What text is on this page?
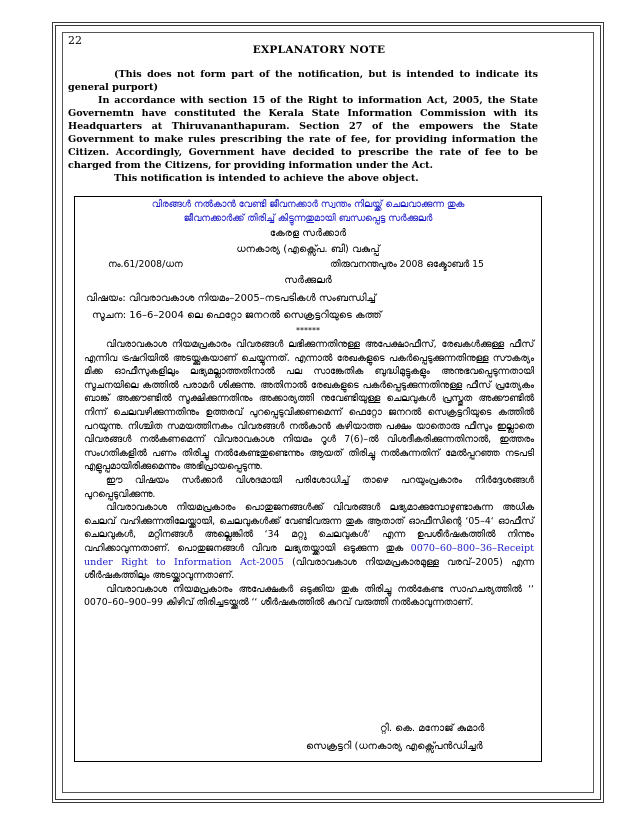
22
EXPLANATORY NOTE

(This does not form part of the notification, but is intended to indicate its general purport)

In accordance with section 15 of the Right to information Act, 2005, the State Governemtn have constituted the Kerala State Information Commission with its Headquarters at Thiruvananthapuram. Section 27 of the empowers the State Government to make rules prescribing the rate of fee, for providing information the Citizen. Accordingly, Government have decided to prescribe the rate of fee to be charged from the Citizens, for providing information under the Act.

This notification is intended to achieve the above object.

വിരങ്ങൾ നൽകാൻ വേണ്ടി ജീവനക്കാർ സ്വന്തം നിലയ്ക്ക് ചെലവാക്കുന്ന തുക
ജീവനക്കാർക്ക് തിരിച്ച് കിട്ടുന്നതുമായി ബന്ധപ്പെട്ട സർക്കുലർ
കേരള സർക്കാർ
ധനകാര്യ (എക്സ്പെ. ബി) വകുപ്പ്
നം.61/2008/ധന	തിരുവനന്തപുരം 2008 ഒക്ടോബർ 15
സർക്കുലർ
വിഷയം: വിവരാവകാശ നിയമം–2005–നടപടികൾ സംബന്ധിച്ച്
സൂചന: 16–6–2004 ലെ ഫെറ്റോ ജനറൽ സെക്രട്ടറിയുടെ കത്ത്
******

വിവരാവകാശ നിയമപ്രകാരം വിവരങ്ങൾ ലഭിക്കുന്നതിനുള്ള അപേക്ഷാഫീസ്, രേഖകൾക്കുള്ള ഫീസ് എന്നിവ ട്രഷറിയിൽ അടയ്ക്കുകയാണ് ചെയ്യുന്നത്. എന്നാൽ രേഖകളുടെ പകർപ്പെടുക്കുന്നതിനുള്ള സൗകര്യം മിക്ക ഓഫീസുകളിലും ലഭ്യമല്ലാത്തതിനാൽ പല സാങ്കേതിക ബുദ്ധിമുട്ടുകളും അനുഭവപ്പെടുന്നതായി സൂചനയിലെ കത്തിൽ പരാമർ ശിക്കുന്നു. അതിനാൽ രേഖകളുടെ പകർപ്പെടുക്കുന്നതിനുള്ള ഫീസ് പ്രത്യേകം ബാങ്ക് അക്കൗണ്ടിൽ സൂക്ഷിക്കുന്നതിനും അക്കാര്യത്തി നുവേണ്ടിയുള്ള ചെലവുകൾ പ്രസ്തുത അക്കൗണ്ടിൽ നിന്ന് ചെലവഴിക്കുന്നതിനും ഉത്തരവ് പുറപ്പെടുവിക്കണമെന്ന് ഫെറ്റോ ജനറൽ സെക്രട്ടറിയുടെ കത്തിൽ പറയുന്നു. നിശ്ചിത സമയത്തിനകം വിവരങ്ങൾ നൽകാൻ കഴിയാത്ത പക്ഷം യാതൊരു ഫീസും ഇല്ലാതെ വിവരങ്ങൾ നൽകണമെന്ന് വിവരാവകാശ നിയമം റൂൾ 7(6)–ൽ വിശദീകരിക്കുന്നതിനാൽ, ഇത്തരം സംഗതികളിൽ പണം തിരിച്ചു നൽകേണ്ടതുണ്ടെന്നും ആയത് തിരിച്ചു നൽകുന്നതിന് മേൽപ്പറഞ്ഞ നടപടി എളുപ്പമായിരിക്കുമെന്നും അഭിപ്രായപ്പെടുന്നു.

ഈ വിഷയം സർക്കാർ വിശദമായി പരിശോധിച്ച് താഴെ പറയുംപ്രകാരം നിർദ്ദേശങ്ങൾ പുറപ്പെടുവിക്കുന്നു.

വിവരാവകാശ നിയമപ്രകാരം പൊതുജനങ്ങൾക്ക് വിവരങ്ങൾ ലഭ്യമാക്കുമ്പോഴുണ്ടാകുന്ന അധിക ചെലവ് വഹിക്കുന്നതിലേയ്ക്കായി, ചെലവുകൾക്ക് വേണ്ടിവരുന്ന തുക ആതാത് ഓഫീസിന്റെ ‘05–4‘ ഓഫീസ് ചെലവുകൾ, മറ്റിനങ്ങൾ അല്ലെങ്കിൽ ‘34 മറ്റു ചെലവുകൾ‘ എന്ന ഉപശീർഷകത്തിൽ നിന്നും വഹിക്കാവുന്നതാണ്. പൊതുജനങ്ങൾ വിവര ലഭ്യതയ്ക്കായി ഒടുക്കുന്ന തുക 0070–60–800–36–Receipt under Right to Information Act-2005 (വിവരാവകാശ നിയമപ്രകാരമുള്ള വരവ്–2005) എന്ന ശീർഷകത്തിലും അടയ്ക്കാവുന്നതാണ്.

വിവരാവകാശ നിയമപ്രകാരം അപേക്ഷകർ ഒടുക്കിയ തുക തിരിച്ചു നൽകേണ്ട സാഹചര്യത്തിൽ ‘‘ 0070–60–900–99 കിഴിവ് തിരിച്ചടയ്ക്കൽ ‘‘ ശീർഷകത്തിൽ കുറവ് വരുത്തി നൽകാവുന്നതാണ്.

റ്റി. കെ. മനോജ് കുമാർ
സെക്രട്ടറി (ധനകാര്യ എക്സ്പെൻഡിച്ചർ
